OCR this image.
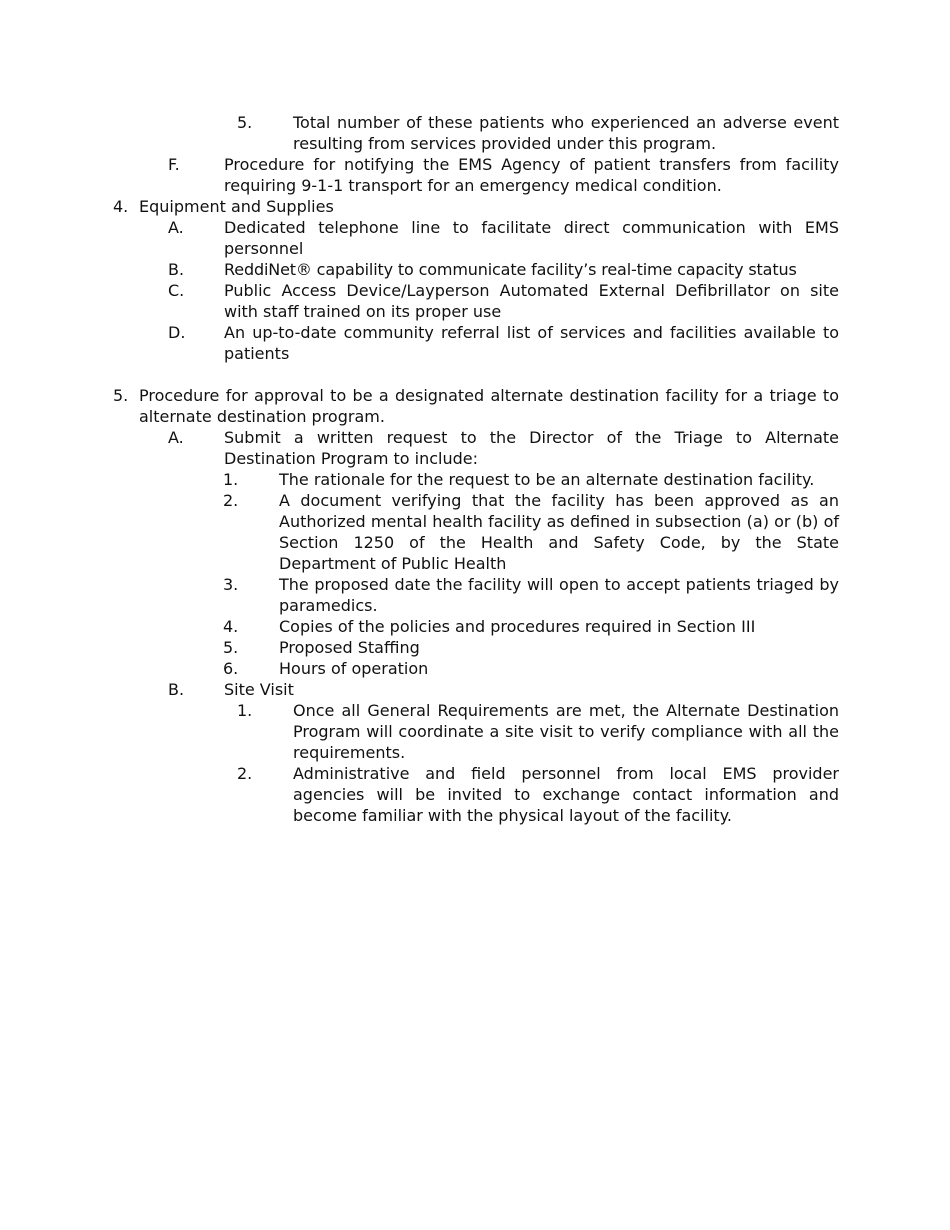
5.	Total number of these patients who experienced an adverse event resulting from services provided under this program.
F.	Procedure for notifying the EMS Agency of patient transfers from facility requiring 9-1-1 transport for an emergency medical condition.
4. Equipment and Supplies
A.	Dedicated telephone line to facilitate direct communication with EMS personnel
B. ReddiNet® capability to communicate facility’s real-time capacity status
C. Public Access Device/Layperson Automated External Defibrillator on site with staff trained on its proper use
D. An up-to-date community referral list of services and facilities available to patients
5. Procedure for approval to be a designated alternate destination facility for a triage to alternate destination program.
A.	Submit a written request to the Director of the Triage to Alternate Destination Program to include:
1.	The rationale for the request to be an alternate destination facility.
2.	A document verifying that the facility has been approved as an Authorized mental health facility as defined in subsection (a) or (b) of Section 1250 of the Health and Safety Code, by the State Department of Public Health
3.	The proposed date the facility will open to accept patients triaged by paramedics.
4.	Copies of the policies and procedures required in Section III
5.	Proposed Staffing
6.	Hours of operation
B. Site Visit
1.	Once all General Requirements are met, the Alternate Destination Program will coordinate a site visit to verify compliance with all the requirements.
2.	Administrative and field personnel from local EMS provider agencies will be invited to exchange contact information and become familiar with the physical layout of the facility.
